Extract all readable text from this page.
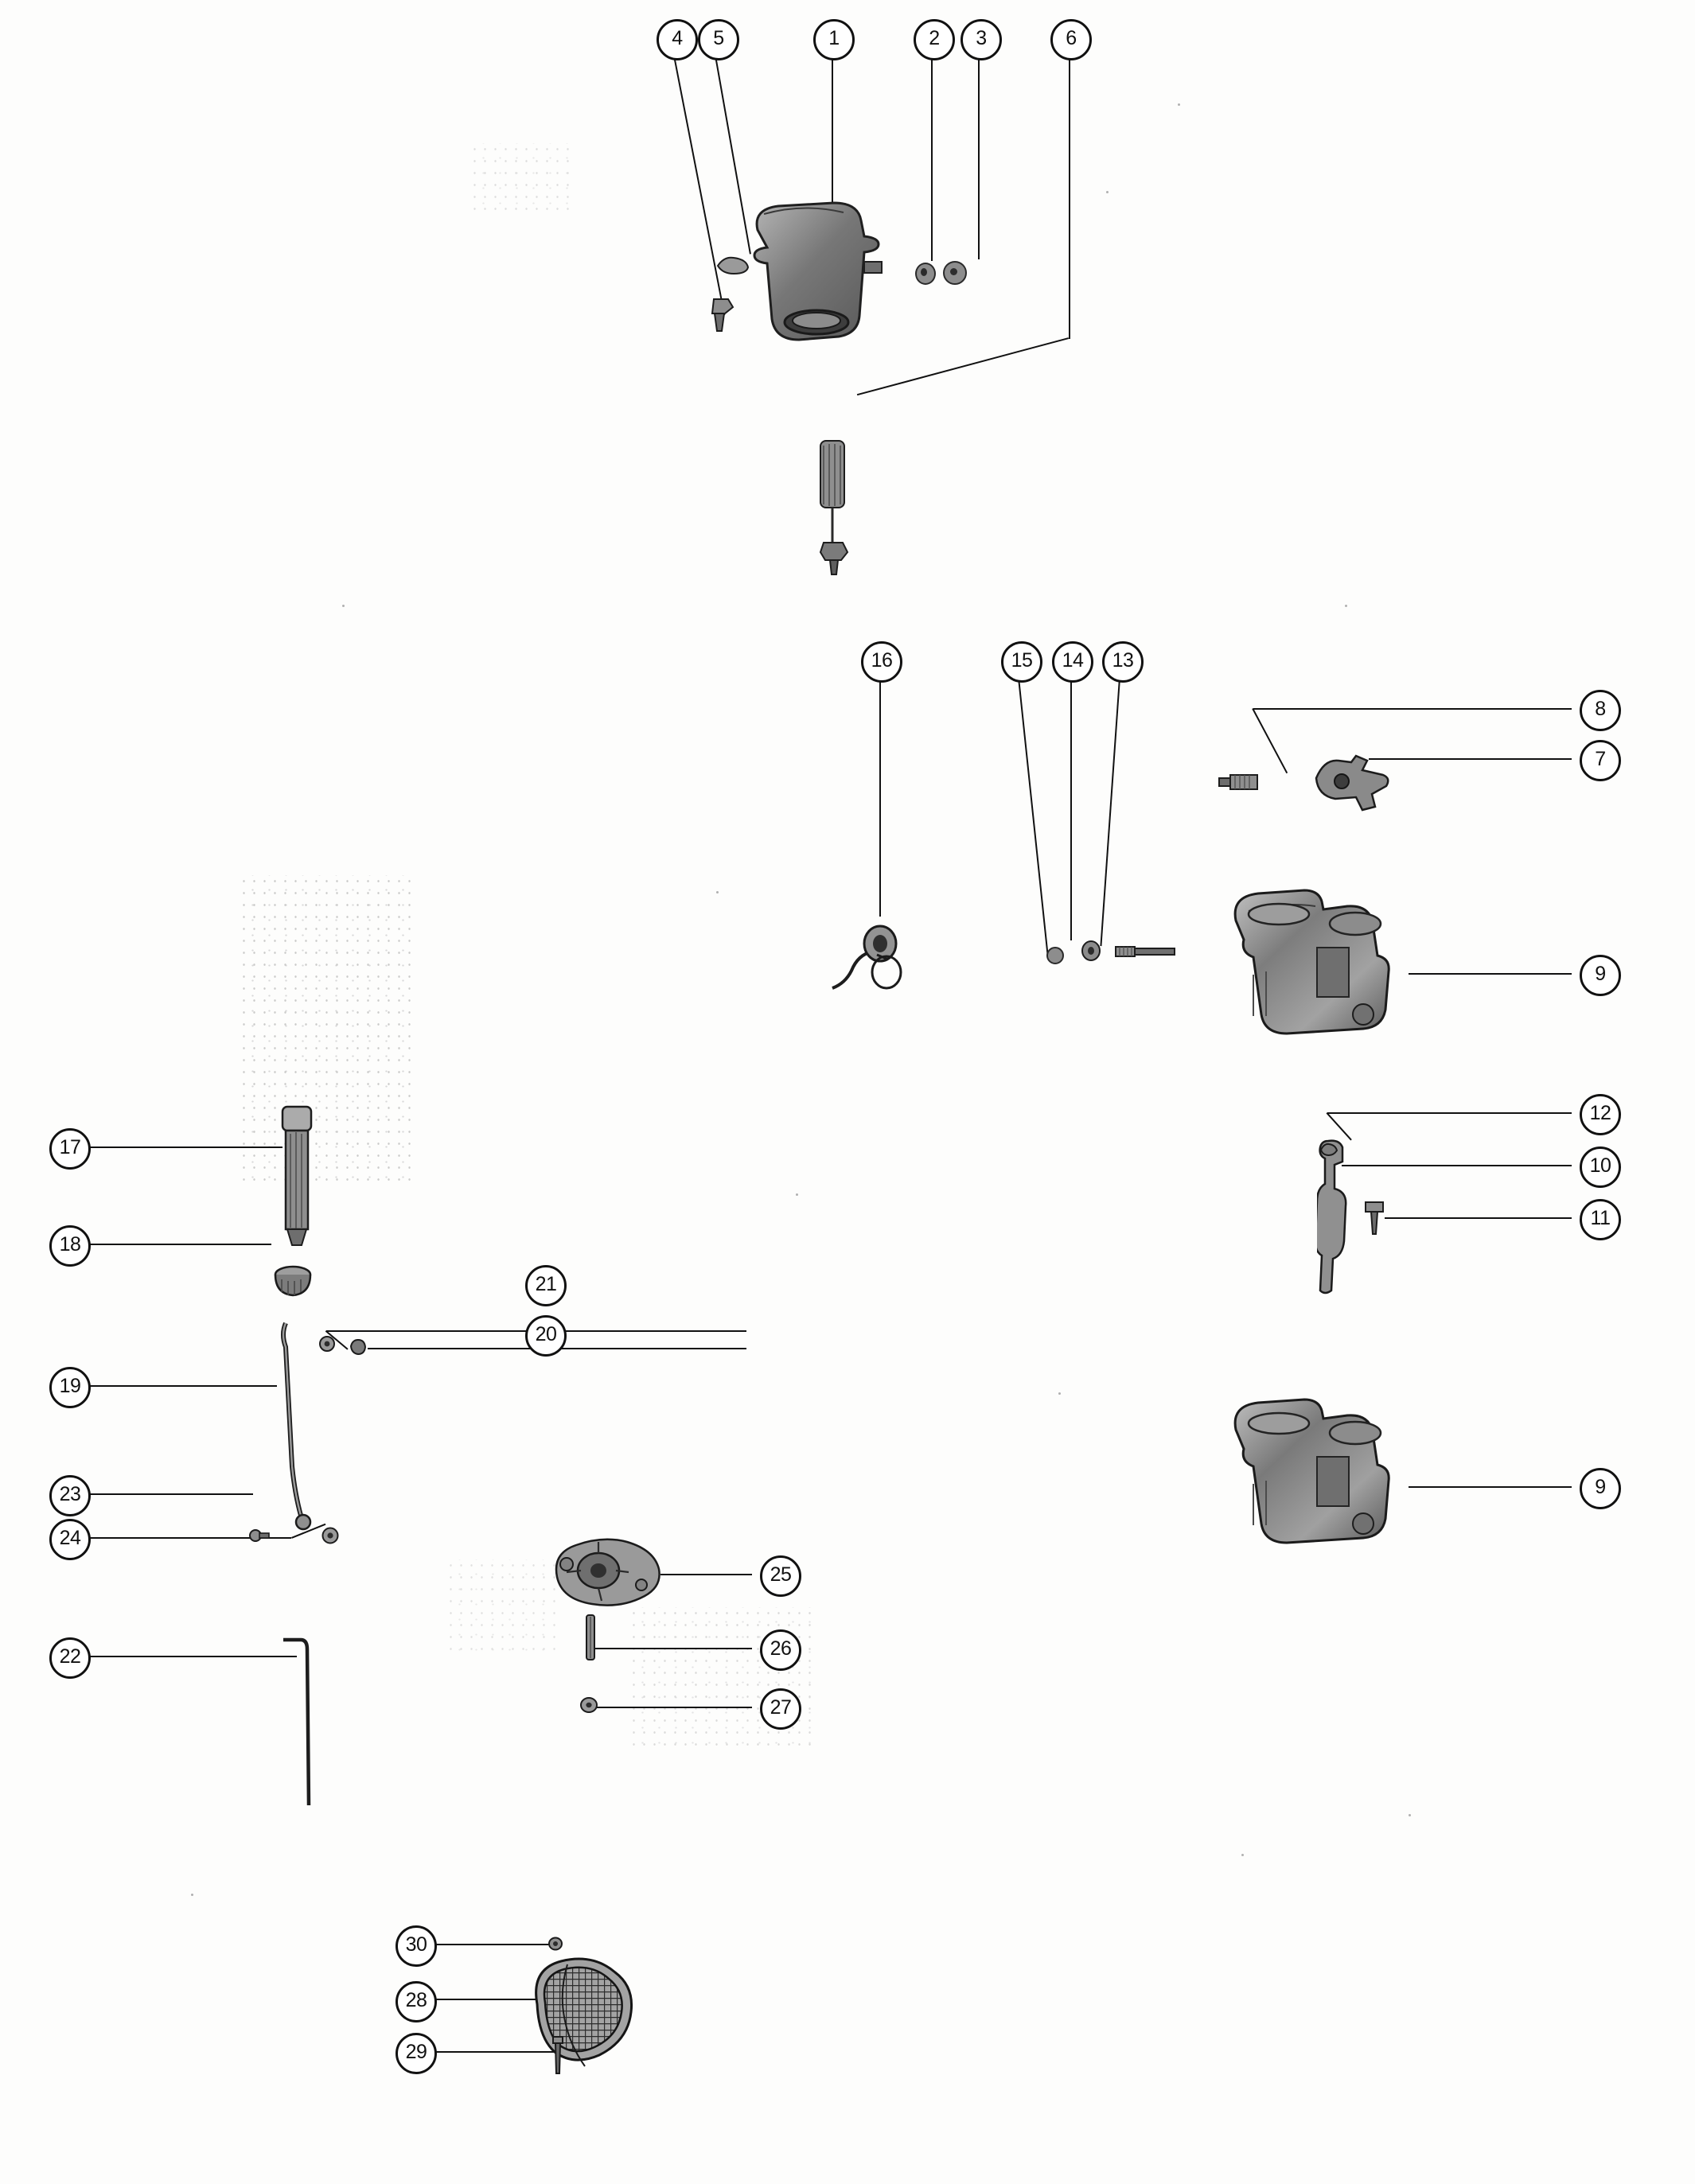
1	2	3
4	5	6
7
8
9
9
10
11
12
13
14
15
16
17
18
19
20
21
22
23
24
25
26
27
28
29
30
